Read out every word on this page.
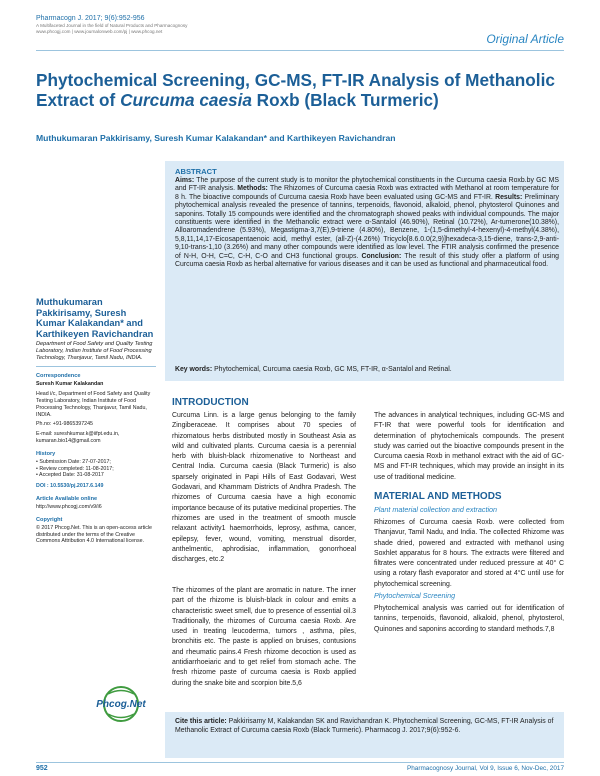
Pharmacogn J. 2017; 9(6):952-956
A Multifaceted Journal in the field of Natural Products and Pharmacognosy
www.phcogj.com | www.journalonweb.com/pj | www.phcog.net
Original Article
Phytochemical Screening, GC-MS, FT-IR Analysis of Methanolic Extract of Curcuma caesia Roxb (Black Turmeric)
Muthukumaran Pakkirisamy, Suresh Kumar Kalakandan* and Karthikeyen Ravichandran
ABSTRACT
Aims: The purpose of the current study is to monitor the phytochemical constituents in the Curcuma caesia Roxb.by GC MS and FT-IR analysis. Methods: The Rhizomes of Curcuma caesia Roxb was extracted with Methanol at room temperature for 8 h. The bioactive compounds of Curcuma caesia Roxb have been evaluated using GC-MS and FT-IR. Results: Preliminary phytochemical analysis revealed the presence of tannins, terpenoids, flavonoid, alkaloid, phenol, phytosterol Quinones and saponins. Totally 15 compounds were identified and the chromatograph showed peaks with individual compounds. The major constituents were identified in the Methanolic extract were α-Santalol (46.90%), Retinal (10.72%), Ar-tumerone(10.38%), Alloaromadendrene (5.93%), Megastigma-3,7(E),9-triene (4.80%), Benzene, 1-(1,5-dimethyl-4-hexenyl)-4-methyl(4.38%), 5,8,11,14,17-Eicosapentaenoic acid, methyl ester, (all-Z)-(4.26%) Tricyclo[8.6.0.0(2,9)]hexadeca-3,15-diene, trans-2,9-anti-9,10-trans-1,10 (3.26%) and many other compounds were identified as low level. The FTIR analysis confirmed the presence of N-H, O-H, C=C, C-H, C-O and CH3 functional groups. Conclusion: The result of this study offer a platform of using Curcuma caesia Roxb as herbal alternative for various diseases and it can be used as functional and pharmaceutical food.
Key words: Phytochemical, Curcuma caesia Roxb, GC MS, FT-IR, α-Santalol and Retinal.
Muthukumaran Pakkirisamy, Suresh Kumar Kalakandan* and Karthikeyen Ravichandran
Department of Food Safety and Quality Testing Laboratory, Indian Institute of Food Processing Technology, Thanjavur, Tamil Nadu, INDIA.
Correspondence
Suresh Kumar Kalakandan
Head i/c, Department of Food Safety and Quality Testing Laboratory, Indian Institute of Food Processing Technology, Thanjavur, Tamil Nadu, INDIA.
Ph.no: +91-9865397245
E-mail: sureshkumar.k@iifpt.edu.in, kumaran.bio14@gmail.com
History
• Submission Date: 27-07-2017;
• Review completed: 11-08-2017;
• Accepted Date: 31-08-2017
DOI : 10.5530/pj.2017.6.149
Article Available online
http://www.phcogj.com/v9/i6
Copyright
© 2017 Phcog.Net. This is an open-access article distributed under the terms of the Creative Commons Attribution 4.0 International license.
Phcog.Net
INTRODUCTION
Curcuma Linn. is a large genus belonging to the family Zingiberaceae. It comprises about 70 species of rhizomatous herbs distributed mostly in Southeast Asia as wild and cultivated plants. Curcuma caesia is a perennial herb with bluish-black rhizomenative to Northeast and Central India. Curcuma caesia (Black Turmeric) is also sparsely originated in Papi Hills of East Godavari, West Godavari, and Khammam Districts of Andhra Pradesh. The rhizomes of Curcuma caesia have a high economic importance because of its putative medicinal properties. The rhizomes are used in the treatment of smooth muscle relaxant activity1 haemorrhoids, leprosy, asthma, cancer, epilepsy, fever, wound, vomiting, menstrual disorder, anthelmentic, aphrodisiac, inflammation, gonorrhoeal discharges, etc.2
The rhizomes of the plant are aromatic in nature. The inner part of the rhizome is bluish-black in colour and emits a characteristic sweet smell, due to presence of essential oil.3 Traditionally, the rhizomes of Curcuma caesia Roxb. Are used in treating leucoderma, tumors , asthma, piles, bronchitis etc. The paste is applied on bruises, contusions and rheumatic pains.4 Fresh rhizome decoction is used as antidiarrhoeiaric and to get relief from stomach ache. The fresh rhizome paste of curcuma caesia is Roxb applied during the snake bite and scorpion bite.5,6
The advances in analytical techniques, including GC-MS and FT-IR that were powerful tools for identification and determination of phytochemicals compounds. The present study was carried out the bioactive compounds present in the Curcuma caesia Roxb in methanol extract with the aid of GC-MS and FT-IR techniques, which may provide an insight in its use of traditional medicine.
MATERIAL AND METHODS
Plant material collection and extraction
Rhizomes of Curcuma caesia Roxb. were collected from Thanjavur, Tamil Nadu, and India. The collected Rhizome was shade dried, powered and extracted with methanol using Soxhlet apparatus for 8 hours. The extracts were filtered and filtrates were concentrated under reduced pressure at 40° C using a rotary flash evaporator and stored at 4°C until use for phytochemical screening.
Phytochemical Screening
Phytochemical analysis was carried out for identification of tannins, terpenoids, flavonoid, alkaloid, phenol, phytosterol, Quinones and saponins according to standard methods.7,8
Cite this article: Pakkirisamy M, Kalakandan SK and Ravichandran K. Phytochemical Screening, GC-MS, FT-IR Analysis of Methanolic Extract of Curcuma caesia Roxb (Black Turmeric). Pharmacog J. 2017;9(6):952-6.
952	Pharmacognosy Journal, Vol 9, Issue 6, Nov-Dec, 2017
